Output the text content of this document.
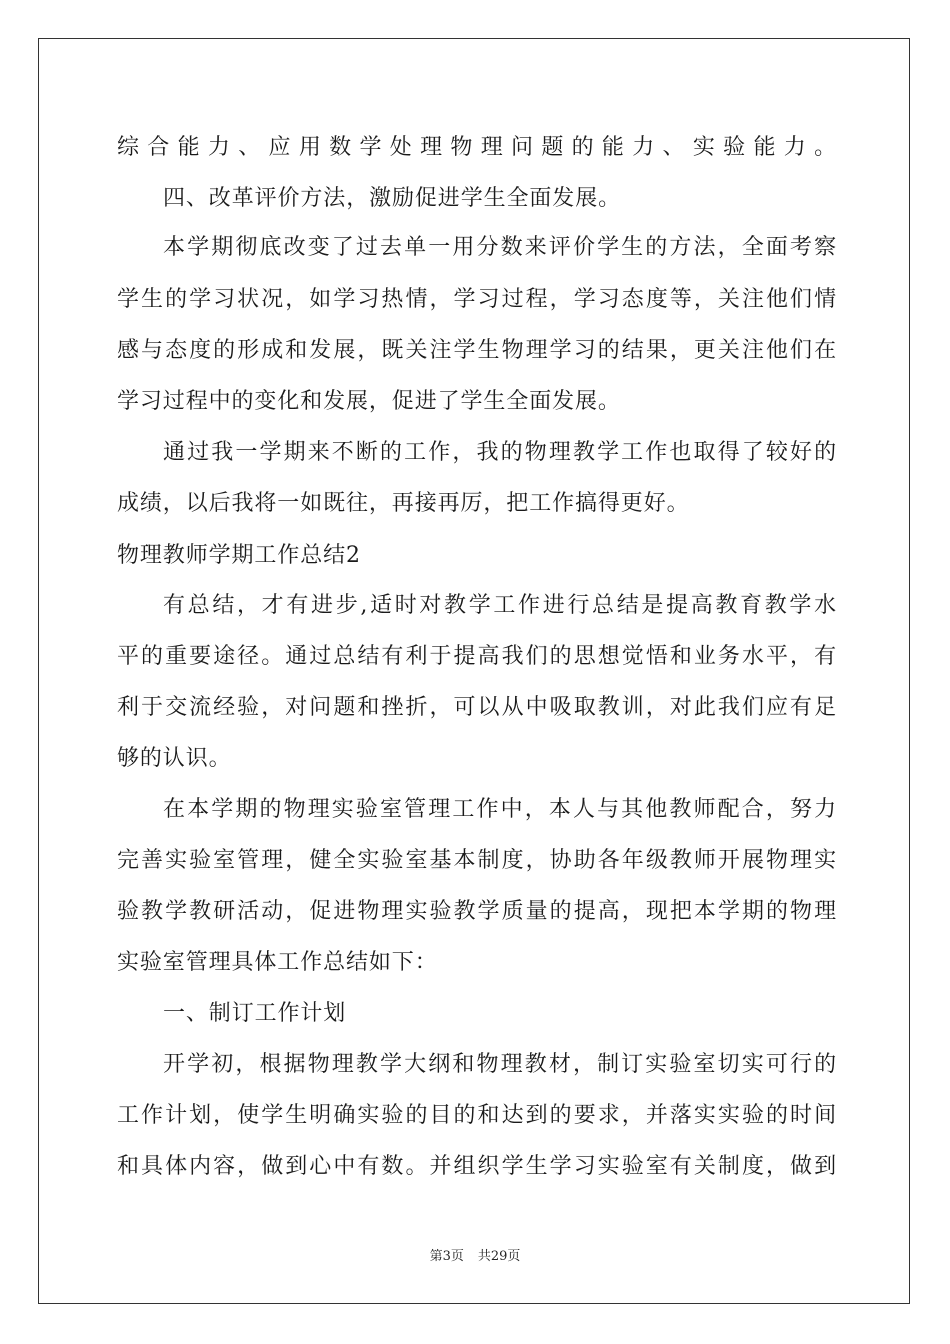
综合能力、应用数学处理物理问题的能力、实验能力。
四、改革评价方法，激励促进学生全面发展。
本学期彻底改变了过去单一用分数来评价学生的方法，全面考察
学生的学习状况，如学习热情，学习过程，学习态度等，关注他们情
感与态度的形成和发展，既关注学生物理学习的结果，更关注他们在
学习过程中的变化和发展，促进了学生全面发展。
通过我一学期来不断的工作，我的物理教学工作也取得了较好的
成绩，以后我将一如既往，再接再厉，把工作搞得更好。
物理教师学期工作总结2
有总结，才有进步,适时对教学工作进行总结是提高教育教学水
平的重要途径。通过总结有利于提高我们的思想觉悟和业务水平，有
利于交流经验，对问题和挫折，可以从中吸取教训，对此我们应有足
够的认识。
在本学期的物理实验室管理工作中，本人与其他教师配合，努力
完善实验室管理，健全实验室基本制度，协助各年级教师开展物理实
验教学教研活动，促进物理实验教学质量的提高，现把本学期的物理
实验室管理具体工作总结如下：
一、制订工作计划
开学初，根据物理教学大纲和物理教材，制订实验室切实可行的
工作计划，使学生明确实验的目的和达到的要求，并落实实验的时间
和具体内容，做到心中有数。并组织学生学习实验室有关制度，做到
第3页 共29页
